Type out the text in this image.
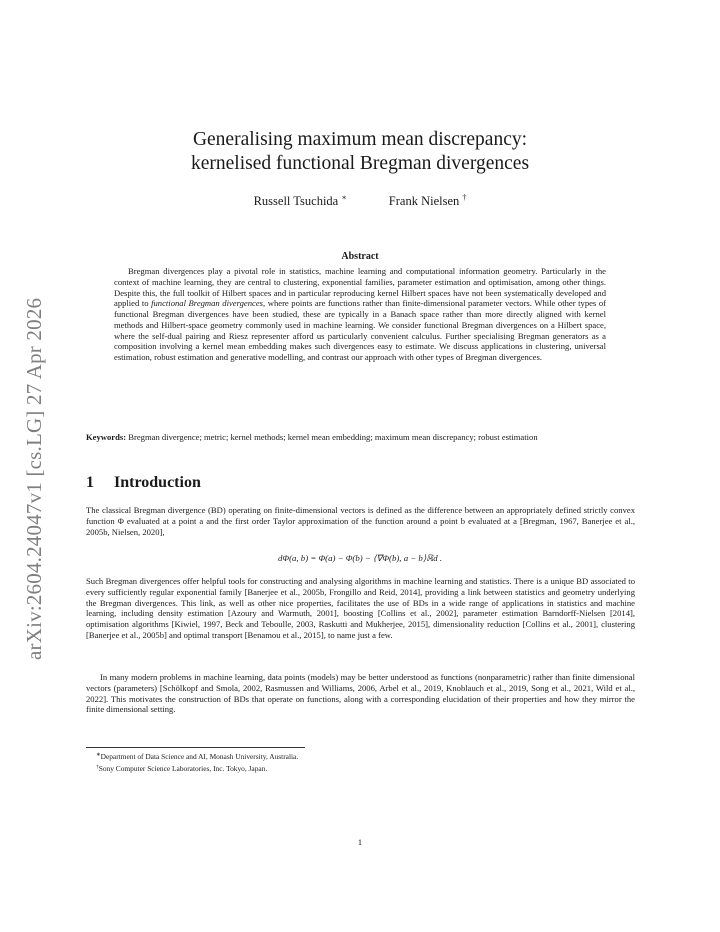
arXiv:2604.24047v1 [cs.LG] 27 Apr 2026
Generalising maximum mean discrepancy:
kernelised functional Bregman divergences
Russell Tsuchida ∗	Frank Nielsen †
Abstract

Bregman divergences play a pivotal role in statistics, machine learning and computational information geometry. Particularly in the context of machine learning, they are central to clustering, exponential families, parameter estimation and optimisation, among other things. Despite this, the full toolkit of Hilbert spaces and in particular reproducing kernel Hilbert spaces have not been systematically developed and applied to functional Bregman divergences, where points are functions rather than finite-dimensional parameter vectors. While other types of functional Bregman divergences have been studied, these are typically in a Banach space rather than more directly aligned with kernel methods and Hilbert-space geometry commonly used in machine learning. We consider functional Bregman divergences on a Hilbert space, where the self-dual pairing and Riesz representer afford us particularly convenient calculus. Further specialising Bregman generators as a composition involving a kernel mean embedding makes such divergences easy to estimate. We discuss applications in clustering, universal estimation, robust estimation and generative modelling, and contrast our approach with other types of Bregman divergences.

Keywords: Bregman divergence; metric; kernel methods; kernel mean embedding; maximum mean discrepancy; robust estimation

1 Introduction

The classical Bregman divergence (BD) operating on finite-dimensional vectors is defined as the difference between an appropriately defined strictly convex function Φ evaluated at a point a and the first order Taylor approximation of the function around a point b evaluated at a [Bregman, 1967, Banerjee et al., 2005b, Nielsen, 2020],

dΦ(a, b) = Φ(a) − Φ(b) − ⟨∇Φ(b), a − b⟩ℝd .

Such Bregman divergences offer helpful tools for constructing and analysing algorithms in machine learning and statistics. There is a unique BD associated to every sufficiently regular exponential family [Banerjee et al., 2005b, Frongillo and Reid, 2014], providing a link between statistics and geometry underlying the Bregman divergences. This link, as well as other nice properties, facilitates the use of BDs in a wide range of applications in statistics and machine learning, including density estimation [Azoury and Warmuth, 2001], boosting [Collins et al., 2002], parameter estimation Barndorff-Nielsen [2014], optimisation algorithms [Kiwiel, 1997, Beck and Teboulle, 2003, Raskutti and Mukherjee, 2015], dimensionality reduction [Collins et al., 2001], clustering [Banerjee et al., 2005b] and optimal transport [Benamou et al., 2015], to name just a few.

In many modern problems in machine learning, data points (models) may be better understood as functions (nonparametric) rather than finite dimensional vectors (parameters) [Schölkopf and Smola, 2002, Rasmussen and Williams, 2006, Arbel et al., 2019, Knoblauch et al., 2019, Song et al., 2021, Wild et al., 2022]. This motivates the construction of BDs that operate on functions, along with a corresponding elucidation of their properties and how they mirror the finite dimensional setting.

∗Department of Data Science and AI, Monash University, Australia.
†Sony Computer Science Laboratories, Inc. Tokyo, Japan.
1
